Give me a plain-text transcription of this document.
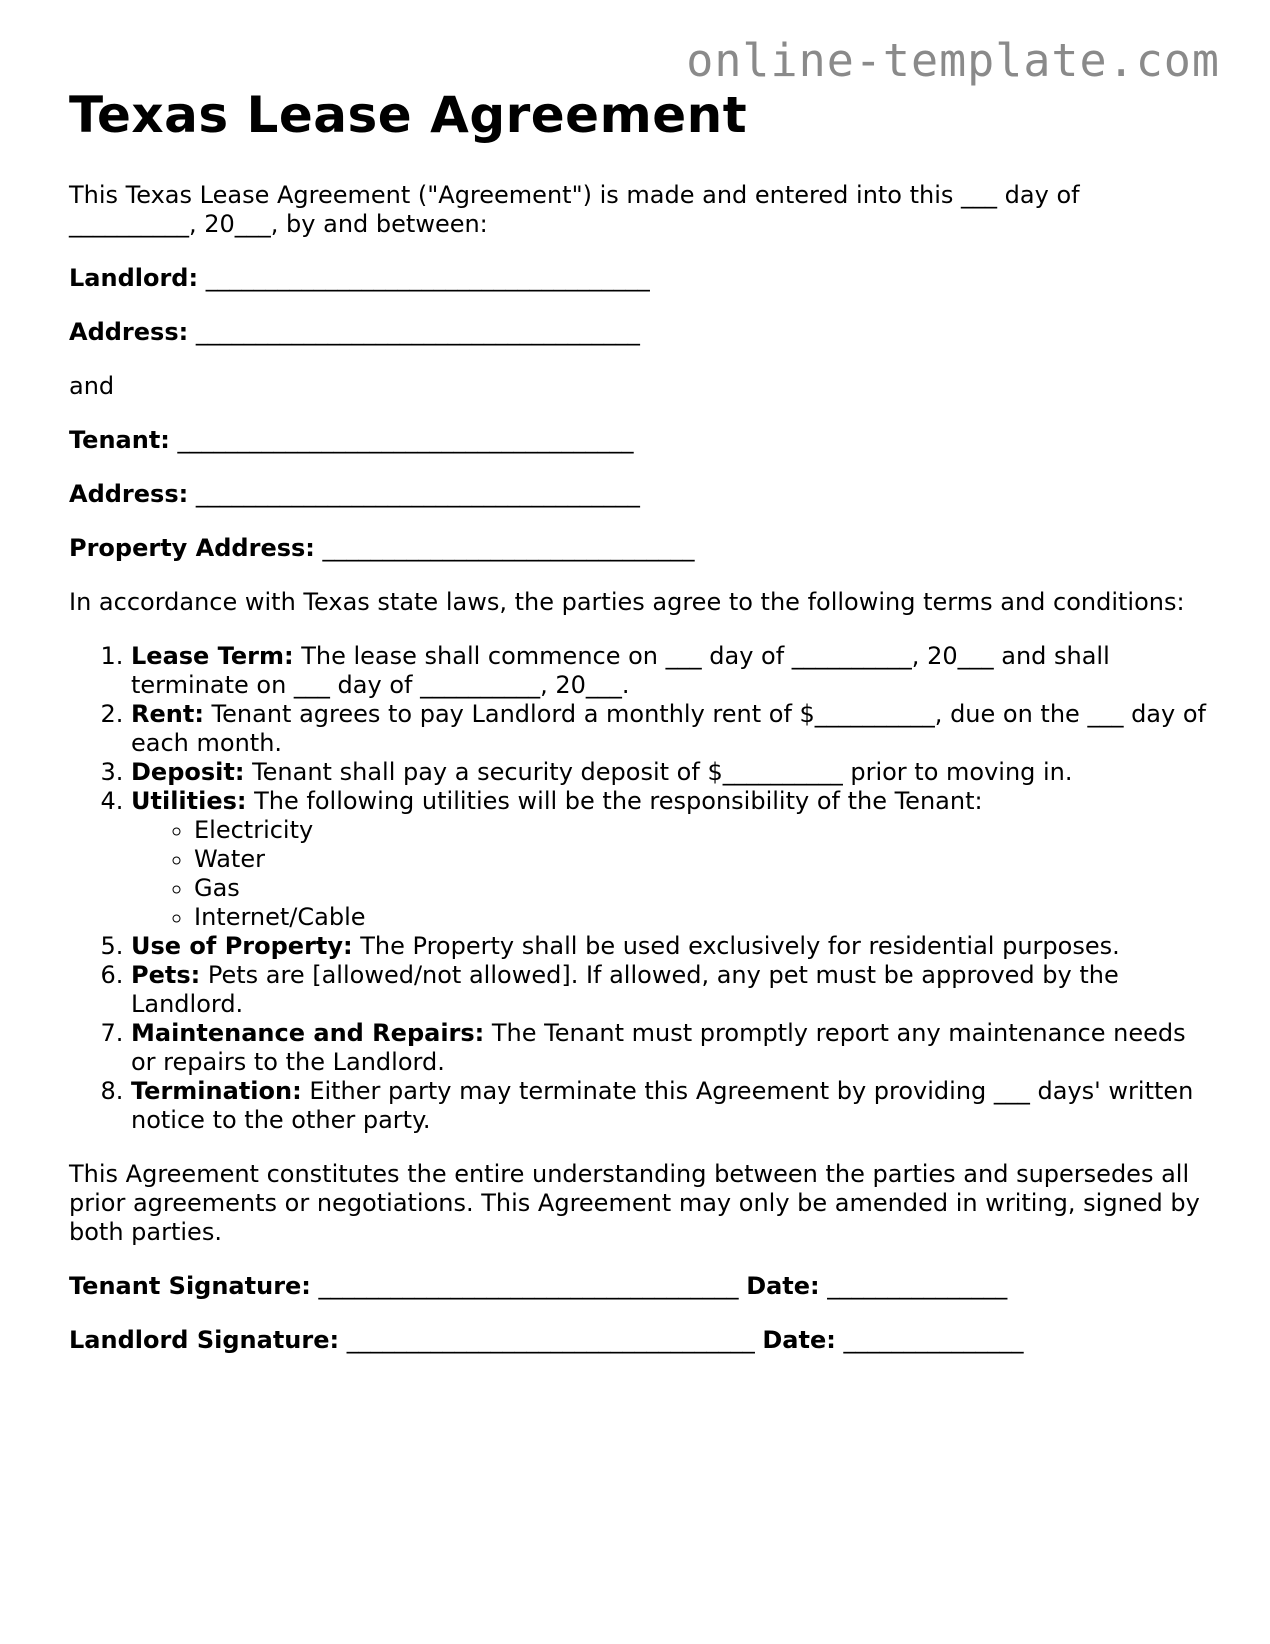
online-template.com
Texas Lease Agreement

This Texas Lease Agreement ("Agreement") is made and entered into this ___ day of __________, 20___, by and between:

Landlord: _____________________________________

Address: _____________________________________

and

Tenant: ______________________________________

Address: _____________________________________

Property Address: _______________________________

In accordance with Texas state laws, the parties agree to the following terms and conditions:

1. Lease Term: The lease shall commence on ___ day of __________, 20___ and shall terminate on ___ day of __________, 20___.
2. Rent: Tenant agrees to pay Landlord a monthly rent of $__________, due on the ___ day of each month.
3. Deposit: Tenant shall pay a security deposit of $__________ prior to moving in.
4. Utilities: The following utilities will be the responsibility of the Tenant:
◦ Electricity
◦ Water
◦ Gas
◦ Internet/Cable
5. Use of Property: The Property shall be used exclusively for residential purposes.
6. Pets: Pets are [allowed/not allowed]. If allowed, any pet must be approved by the Landlord.
7. Maintenance and Repairs: The Tenant must promptly report any maintenance needs or repairs to the Landlord.
8. Termination: Either party may terminate this Agreement by providing ___ days' written notice to the other party.

This Agreement constitutes the entire understanding between the parties and supersedes all prior agreements or negotiations. This Agreement may only be amended in writing, signed by both parties.

Tenant Signature: ___________________________________ Date: _______________
Landlord Signature: __________________________________ Date: _______________
